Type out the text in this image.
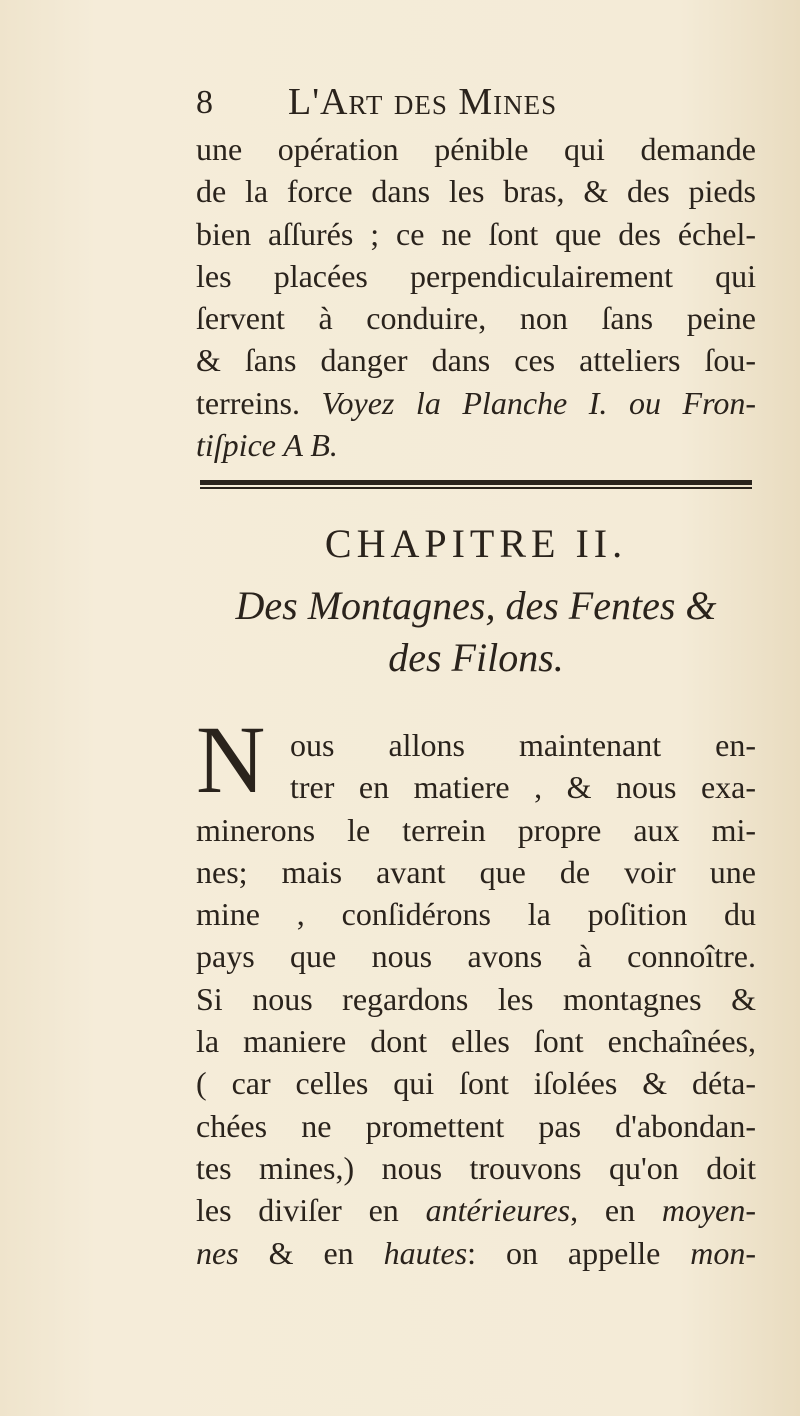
8 L'Art des Mines
une opération pénible qui demande
de la force dans les bras, & des pieds
bien aſſurés ; ce ne ſont que des échel-
les placées perpendiculairement qui
ſervent à conduire, non ſans peine
& ſans danger dans ces atteliers ſou-
terreins. Voyez la Planche I. ou Fron-
tiſpice A B.
CHAPITRE II.
Des Montagnes, des Fentes &
des Filons.
N ous allons maintenant en-
trer en matiere , & nous exa-
minerons le terrein propre aux mi-
nes; mais avant que de voir une
mine , conſidérons la poſition du
pays que nous avons à connoître.
Si nous regardons les montagnes &
la maniere dont elles ſont enchaînées,
( car celles qui ſont iſolées & déta-
chées ne promettent pas d'abondan-
tes mines,) nous trouvons qu'on doit
les diviſer en antérieures, en moyen-
nes & en hautes: on appelle mon-
